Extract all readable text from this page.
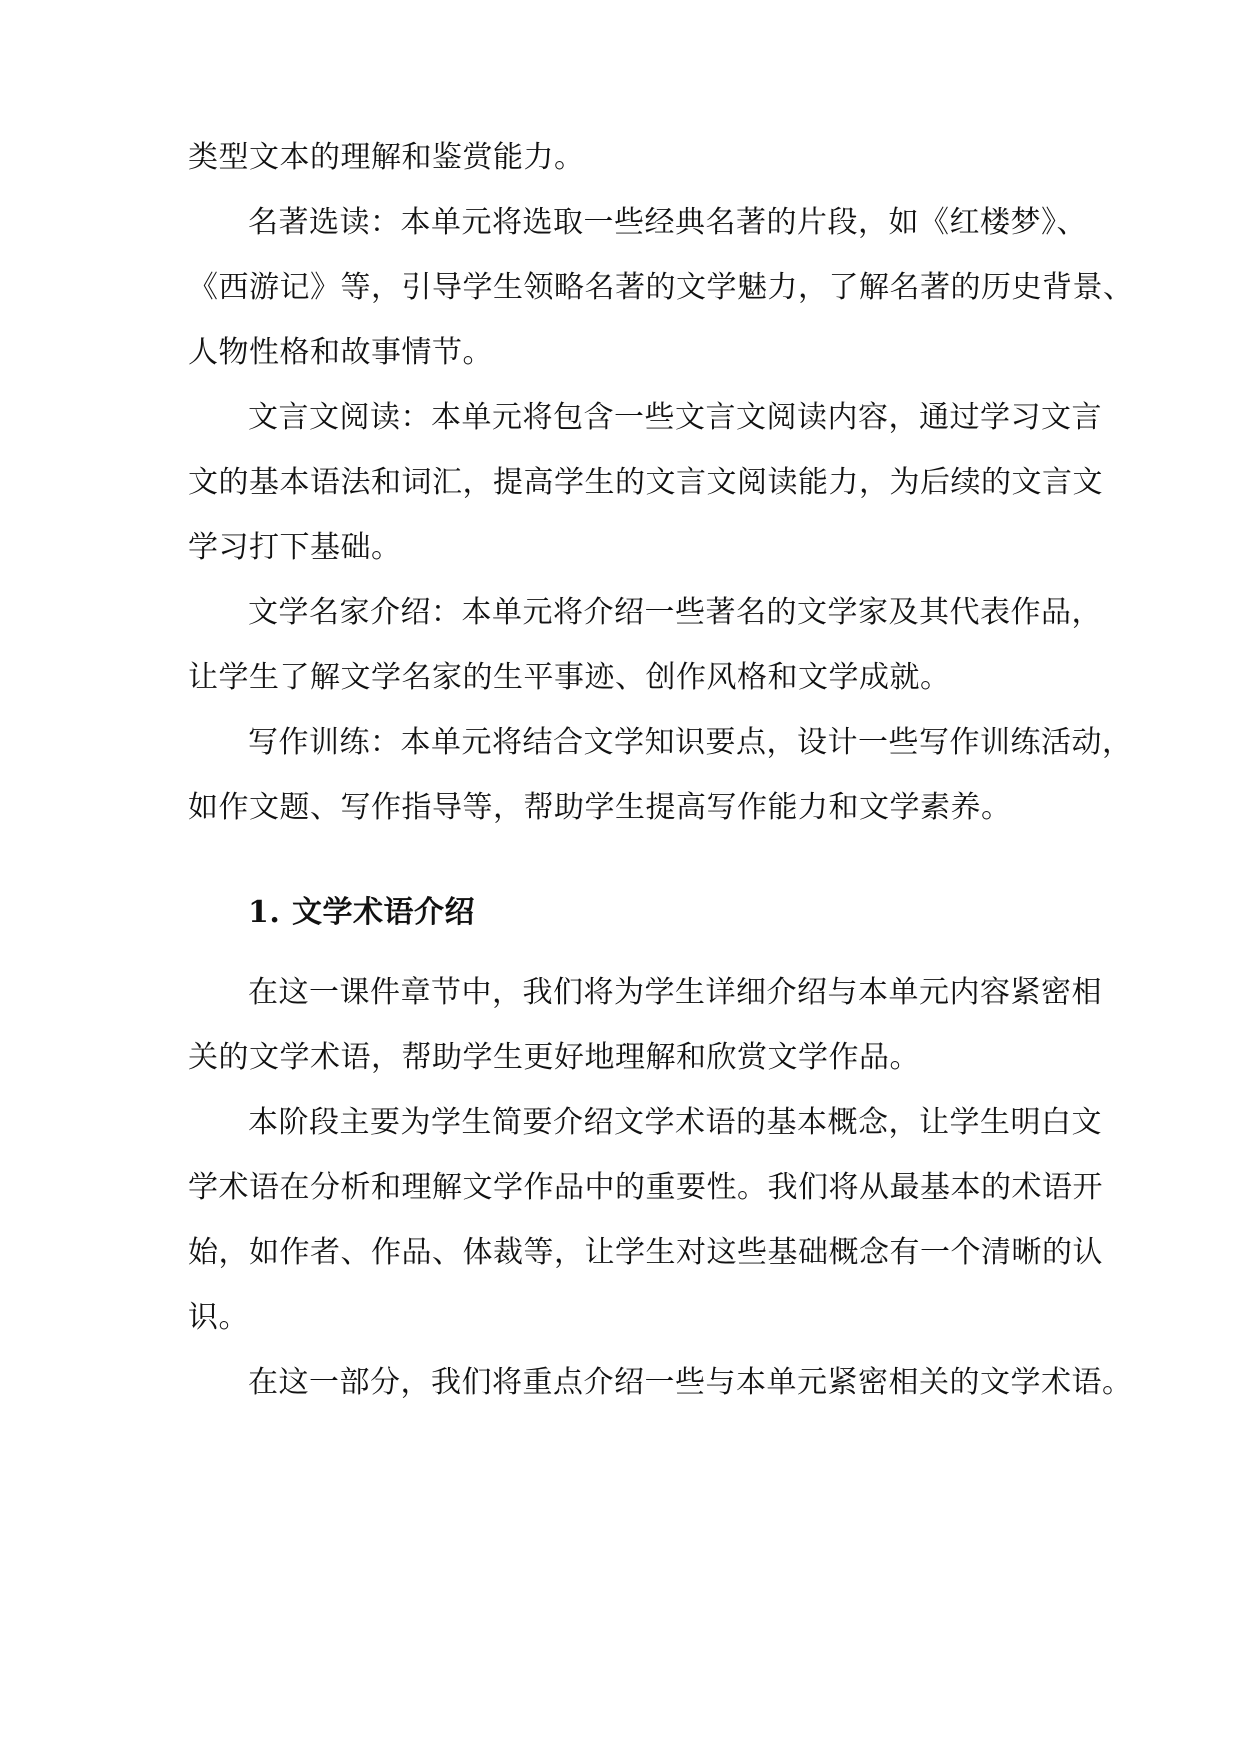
类型文本的理解和鉴赏能力。
名著选读：本单元将选取一些经典名著的片段，如《红楼梦》、
《西游记》等，引导学生领略名著的文学魅力，了解名著的历史背景、
人物性格和故事情节。
文言文阅读：本单元将包含一些文言文阅读内容，通过学习文言
文的基本语法和词汇，提高学生的文言文阅读能力，为后续的文言文
学习打下基础。
文学名家介绍：本单元将介绍一些著名的文学家及其代表作品，
让学生了解文学名家的生平事迹、创作风格和文学成就。
写作训练：本单元将结合文学知识要点，设计一些写作训练活动，
如作文题、写作指导等，帮助学生提高写作能力和文学素养。
1. 文学术语介绍
在这一课件章节中，我们将为学生详细介绍与本单元内容紧密相
关的文学术语，帮助学生更好地理解和欣赏文学作品。
本阶段主要为学生简要介绍文学术语的基本概念，让学生明白文
学术语在分析和理解文学作品中的重要性。我们将从最基本的术语开
始，如作者、作品、体裁等，让学生对这些基础概念有一个清晰的认
识。
在这一部分，我们将重点介绍一些与本单元紧密相关的文学术语。
